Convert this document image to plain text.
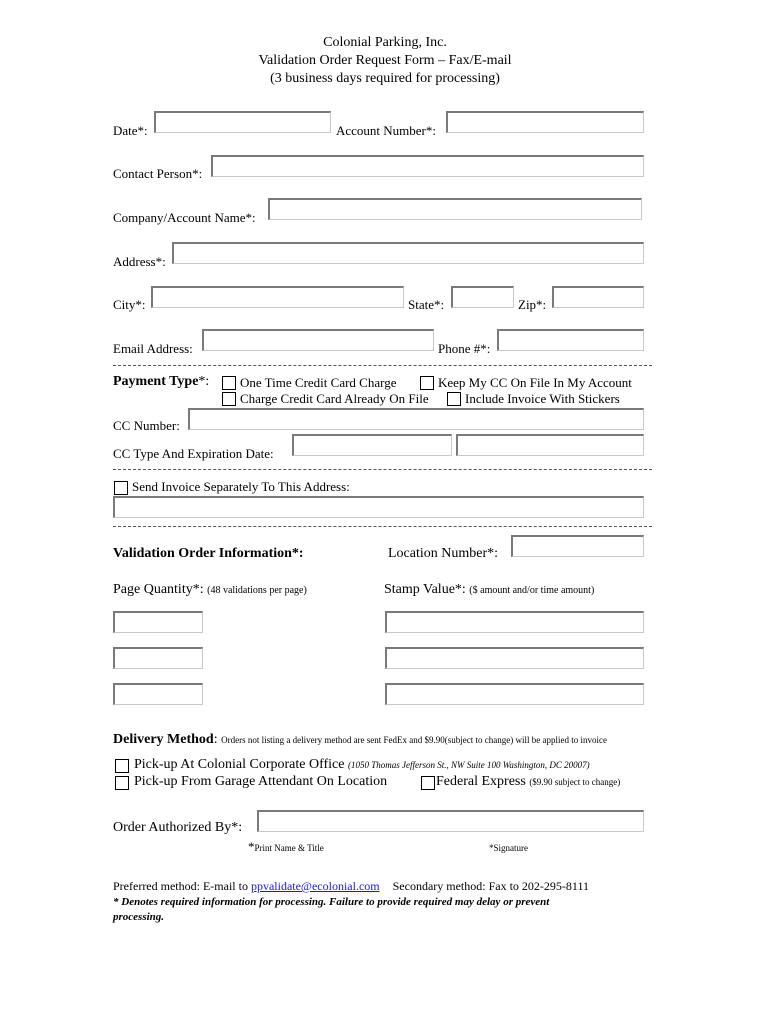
Colonial Parking, Inc.
Validation Order Request Form – Fax/E-mail
(3 business days required for processing)
Date*:	Account Number*:
Contact Person*:
Company/Account Name*:
Address*:
City*:	State*:	Zip*:
Email Address:	Phone #*:
Payment Type*: One Time Credit Card Charge	Keep My CC On File In My Account
Charge Credit Card Already On File	Include Invoice With Stickers
CC Number:
CC Type And Expiration Date:
Send Invoice Separately To This Address:
Validation Order Information*:	Location Number*:
Page Quantity*: (48 validations per page)	Stamp Value*: ($ amount and/or time amount)
Delivery Method: Orders not listing a delivery method are sent FedEx and $9.90(subject to change) will be applied to invoice
Pick-up At Colonial Corporate Office (1050 Thomas Jefferson St., NW Suite 100 Washington, DC 20007)
Pick-up From Garage Attendant On Location	Federal Express ($9.90 subject to change)
Order Authorized By*:
*Print Name & Title	*Signature
Preferred method: E-mail to ppvalidate@ecolonial.com Secondary method: Fax to 202-295-8111
* Denotes required information for processing. Failure to provide required may delay or prevent
processing.
